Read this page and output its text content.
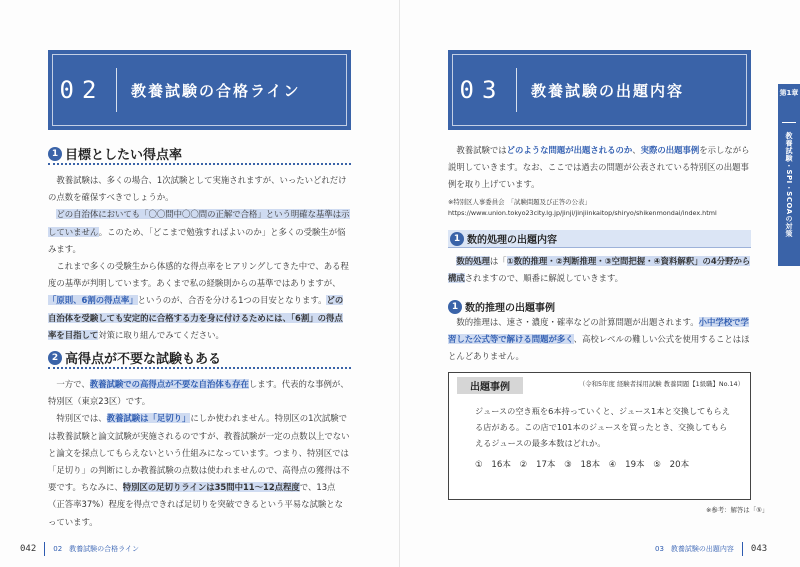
02	教養試験の合格ライン
1 目標としたい得点率

教養試験は、多くの場合、1次試験として実施されますが、いったいどれだけの点数を確保すべきでしょうか。

どの自治体においても「〇〇問中〇〇問の正解で合格」という明確な基準は示していません。このため、「どこまで勉強すればよいのか」と多くの受験生が悩みます。

これまで多くの受験生から体感的な得点率をヒアリングしてきた中で、ある程度の基準が判明しています。あくまで私の経験則からの基準ではありますが、「原則、6割の得点率」というのが、合否を分ける1つの目安となります。どの自治体を受験しても安定的に合格する力を身に付けるためには、「6割」の得点率を目指して対策に取り組んでみてください。

2 高得点が不要な試験もある

一方で、教養試験での高得点が不要な自治体も存在します。代表的な事例が、特別区（東京23区）です。

特別区では、教養試験は「足切り」にしか使われません。特別区の1次試験では教養試験と論文試験が実施されるのですが、教養試験が一定の点数以上でないと論文を採点してもらえないという仕組みになっています。つまり、特別区では「足切り」の判断にしか教養試験の点数は使われませんので、高得点の獲得は不要です。ちなみに、特別区の足切りラインは35問中11〜12点程度で、13点（正答率37%）程度を得点できれば足切りを突破できるという平易な試験となっています。

042 02　教養試験の合格ライン
03	教養試験の出題内容

教養試験ではどのような問題が出題されるのか、実際の出題事例を示しながら説明していきます。なお、ここでは過去の問題が公表されている特別区の出題事例を取り上げています。

※特別区人事委員会　「試験問題及び正答の公表」
https://www.union.tokyo23city.lg.jp/jinji/jinjiinkaitop/shiryo/shikenmondai/index.html
1 数的処理の出題内容

数的処理は「①数的推理・②判断推理・③空間把握・④資料解釈」の4分野から構成されますので、順番に解説していきます。

1 数的推理の出題事例

数的推理は、速さ・濃度・確率などの計算問題が出題されます。小中学校で学習した公式等で解ける問題が多く、高校レベルの難しい公式を使用することはほとんどありません。

出題事例	（令和5年度 経験者採用試験 教養問題【1級職】No.14）
ジュースの空き瓶を6本持っていくと、ジュース1本と交換してもらえる店がある。この店で101本のジュースを買ったとき、交換してもらえるジュースの最多本数はどれか。
① 16本　② 17本　③ 18本　④ 19本　⑤ 20本
※参考：解答は「⑤」
第1章
教養試験・SPI・SCOAの対策
03　教養試験の出題内容 043
